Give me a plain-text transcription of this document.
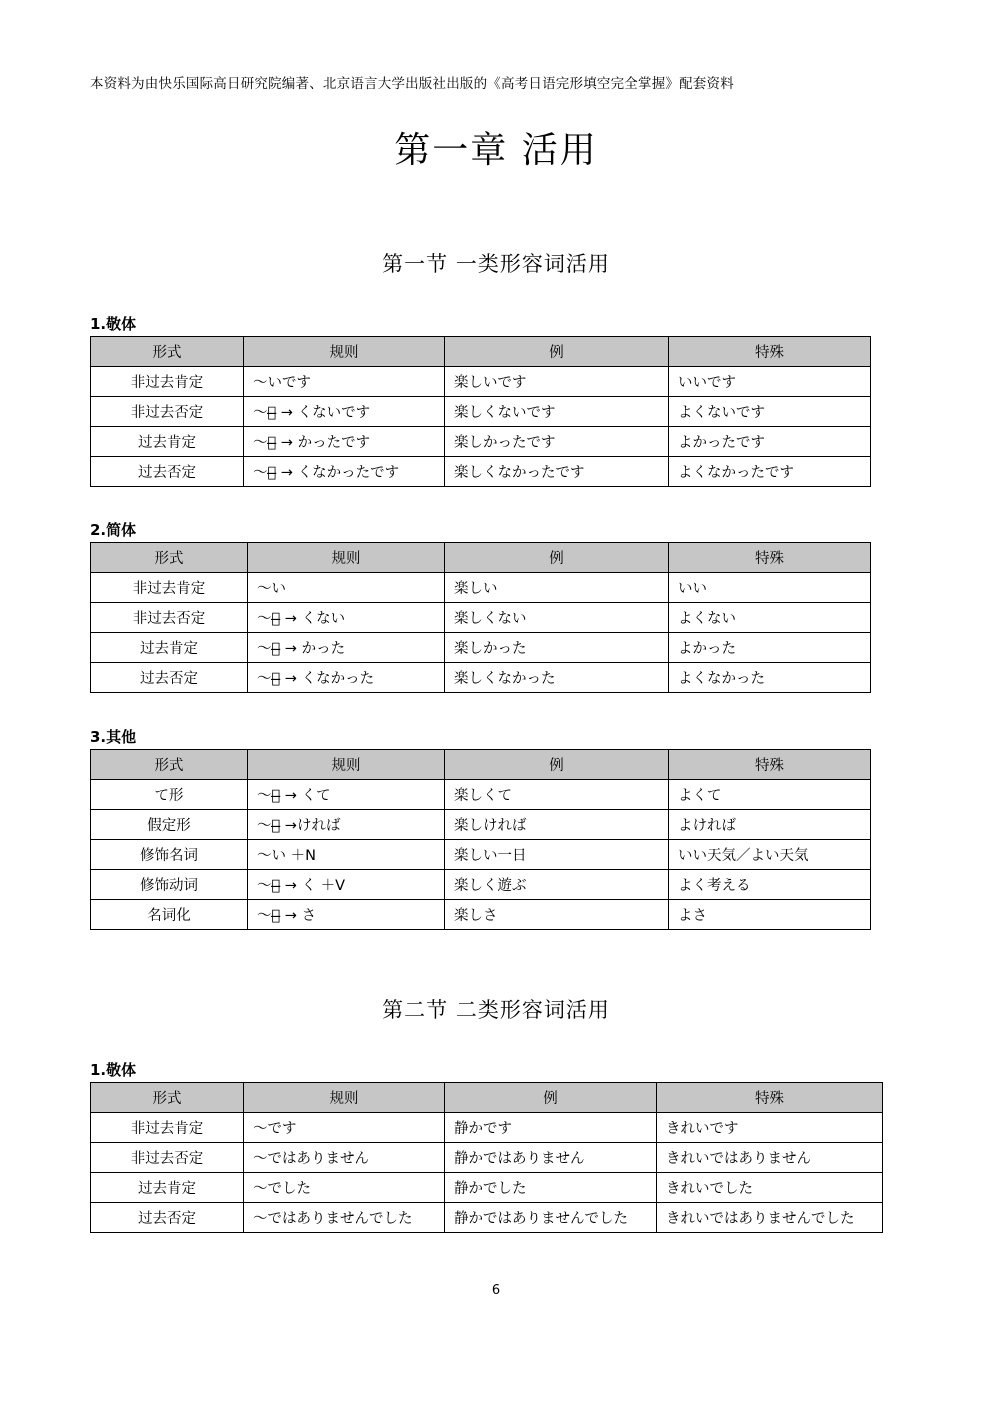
本资料为由快乐国际高日研究院编著、北京语言大学出版社出版的《高考日语完形填空完全掌握》配套资料
第一章 活用
第一节 一类形容词活用
1.敬体
形式	规则	例	特殊
非过去肯定	～いです	楽しいです	いいです
非过去否定	～い̶ → くないです	楽しくないです	よくないです
过去肯定	～い̶ → かったです	楽しかったです	よかったです
过去否定	～い̶ → くなかったです	楽しくなかったです	よくなかったです
2.简体
形式	规则	例	特殊
非过去肯定	～い	楽しい	いい
非过去否定	～い̶ → くない	楽しくない	よくない
过去肯定	～い̶ → かった	楽しかった	よかった
过去否定	～い̶ → くなかった	楽しくなかった	よくなかった
3.其他
形式	规则	例	特殊
て形	～い̶ → くて	楽しくて	よくて
假定形	～い̶ →ければ	楽しければ	よければ
修饰名词	～い ＋N	楽しい一日	いい天気／よい天気
修饰动词	～い̶ → く ＋V	楽しく遊ぶ	よく考える
名词化	～い̶ → さ	楽しさ	よさ
第二节 二类形容词活用
1.敬体
形式	规则	例	特殊
非过去肯定	～です	静かです	きれいです
非过去否定	～ではありません	静かではありません	きれいではありません
过去肯定	～でした	静かでした	きれいでした
过去否定	～ではありませんでした	静かではありませんでした	きれいではありませんでした
6
